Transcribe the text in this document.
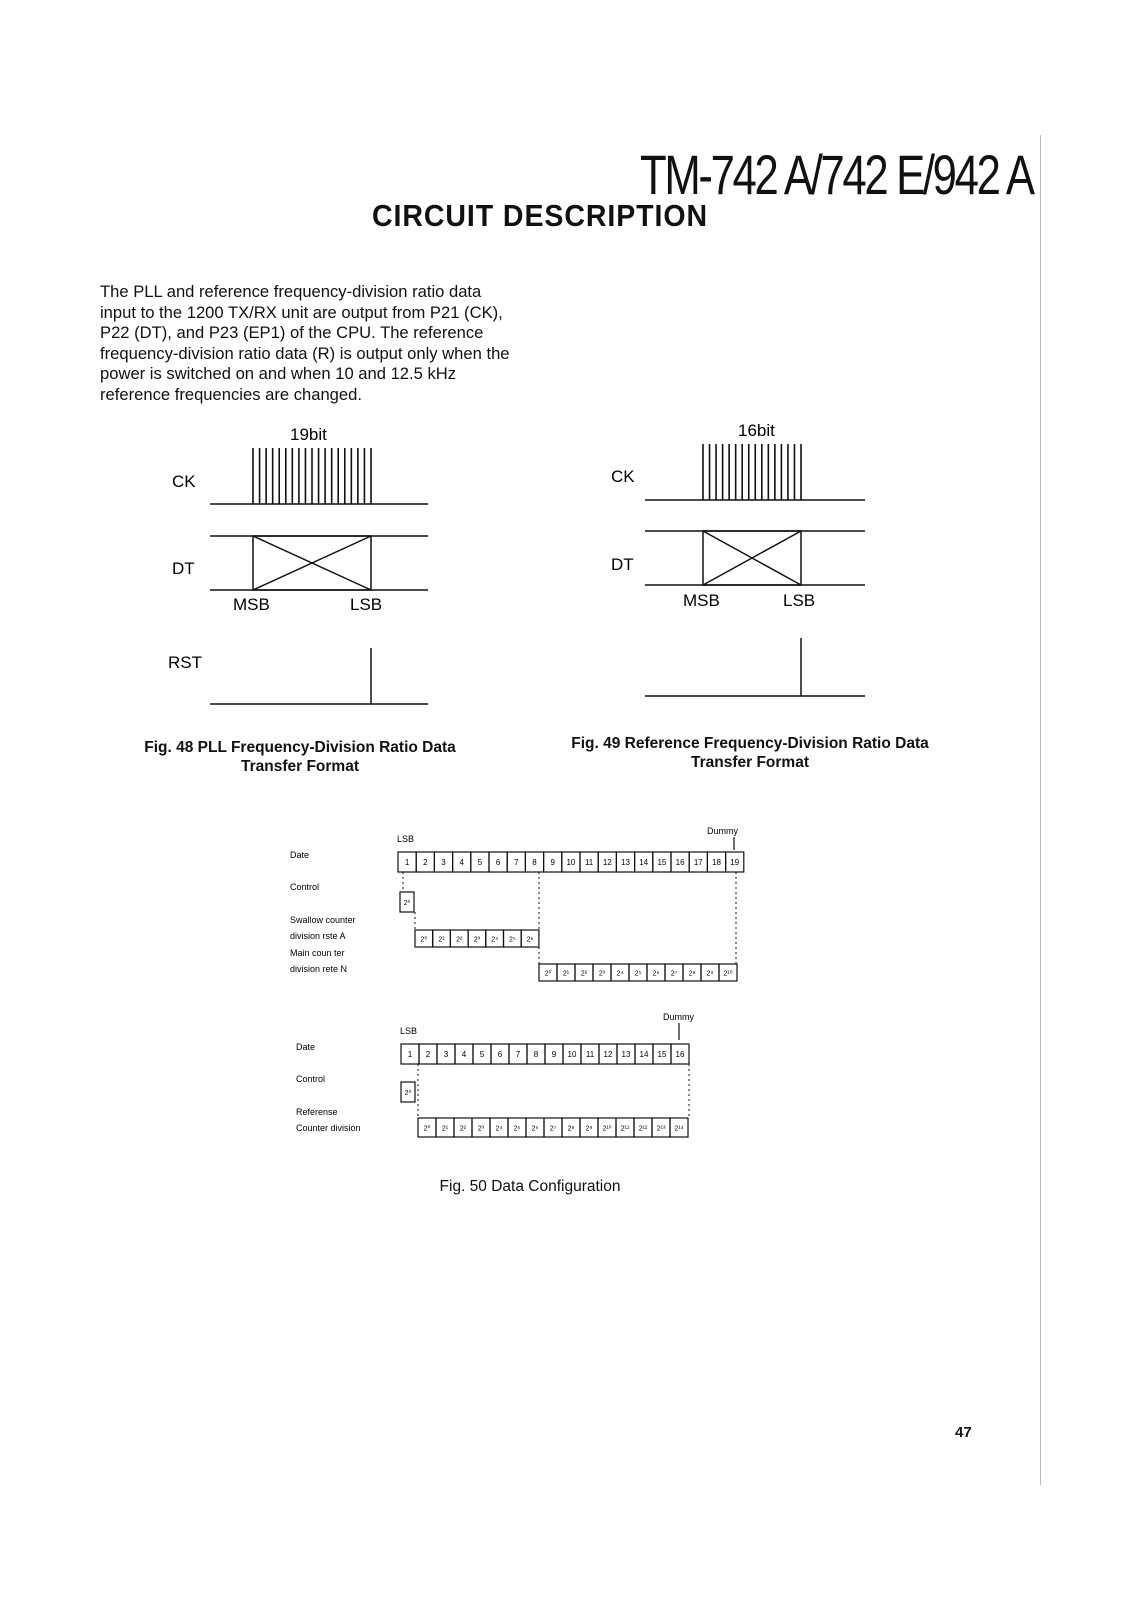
TM-742 A/742 E/942 A
CIRCUIT DESCRIPTION

The PLL and reference frequency-division ratio data input to the 1200 TX/RX unit are output from P21 (CK), P22 (DT), and P23 (EP1) of the CPU. The reference frequency-division ratio data (R) is output only when the power is switched on and when 10 and 12.5 kHz reference frequencies are changed.

19bit
CK
DT
MSB	LSB
RST
16bit
CK
DT
MSB	LSB
Fig. 48 PLL Frequency-Division Ratio Data
Transfer Format
Fig. 49 Reference Frequency-Division Ratio Data
Transfer Format
LSB
Dummy
Date
Control
Swallow counter
division rste A
Main coun ter
division rete N
1 2 3 4 5 6 7 8 9 10 11 12 13 14 15 16 17 18 19
2⁰
2⁰ 2¹ 2² 2³ 2⁴ 2⁵ 2⁶
2⁰ 2¹ 2² 2³ 2⁴ 2⁵ 2⁶ 2⁷ 2⁸ 2⁹ 2¹⁰
LSB
Dummy
Date
Control
Referense
Counter division
1 2 3 4 5 6 7 8 9 10 11 12 13 14 15 16
2⁰
2⁰ 2¹ 2² 2³ 2⁴ 2⁵ 2⁶ 2⁷ 2⁸ 2⁹ 2¹⁰ 2¹¹ 2¹² 2¹³ 2¹⁴
Fig. 50 Data Configuration
47
